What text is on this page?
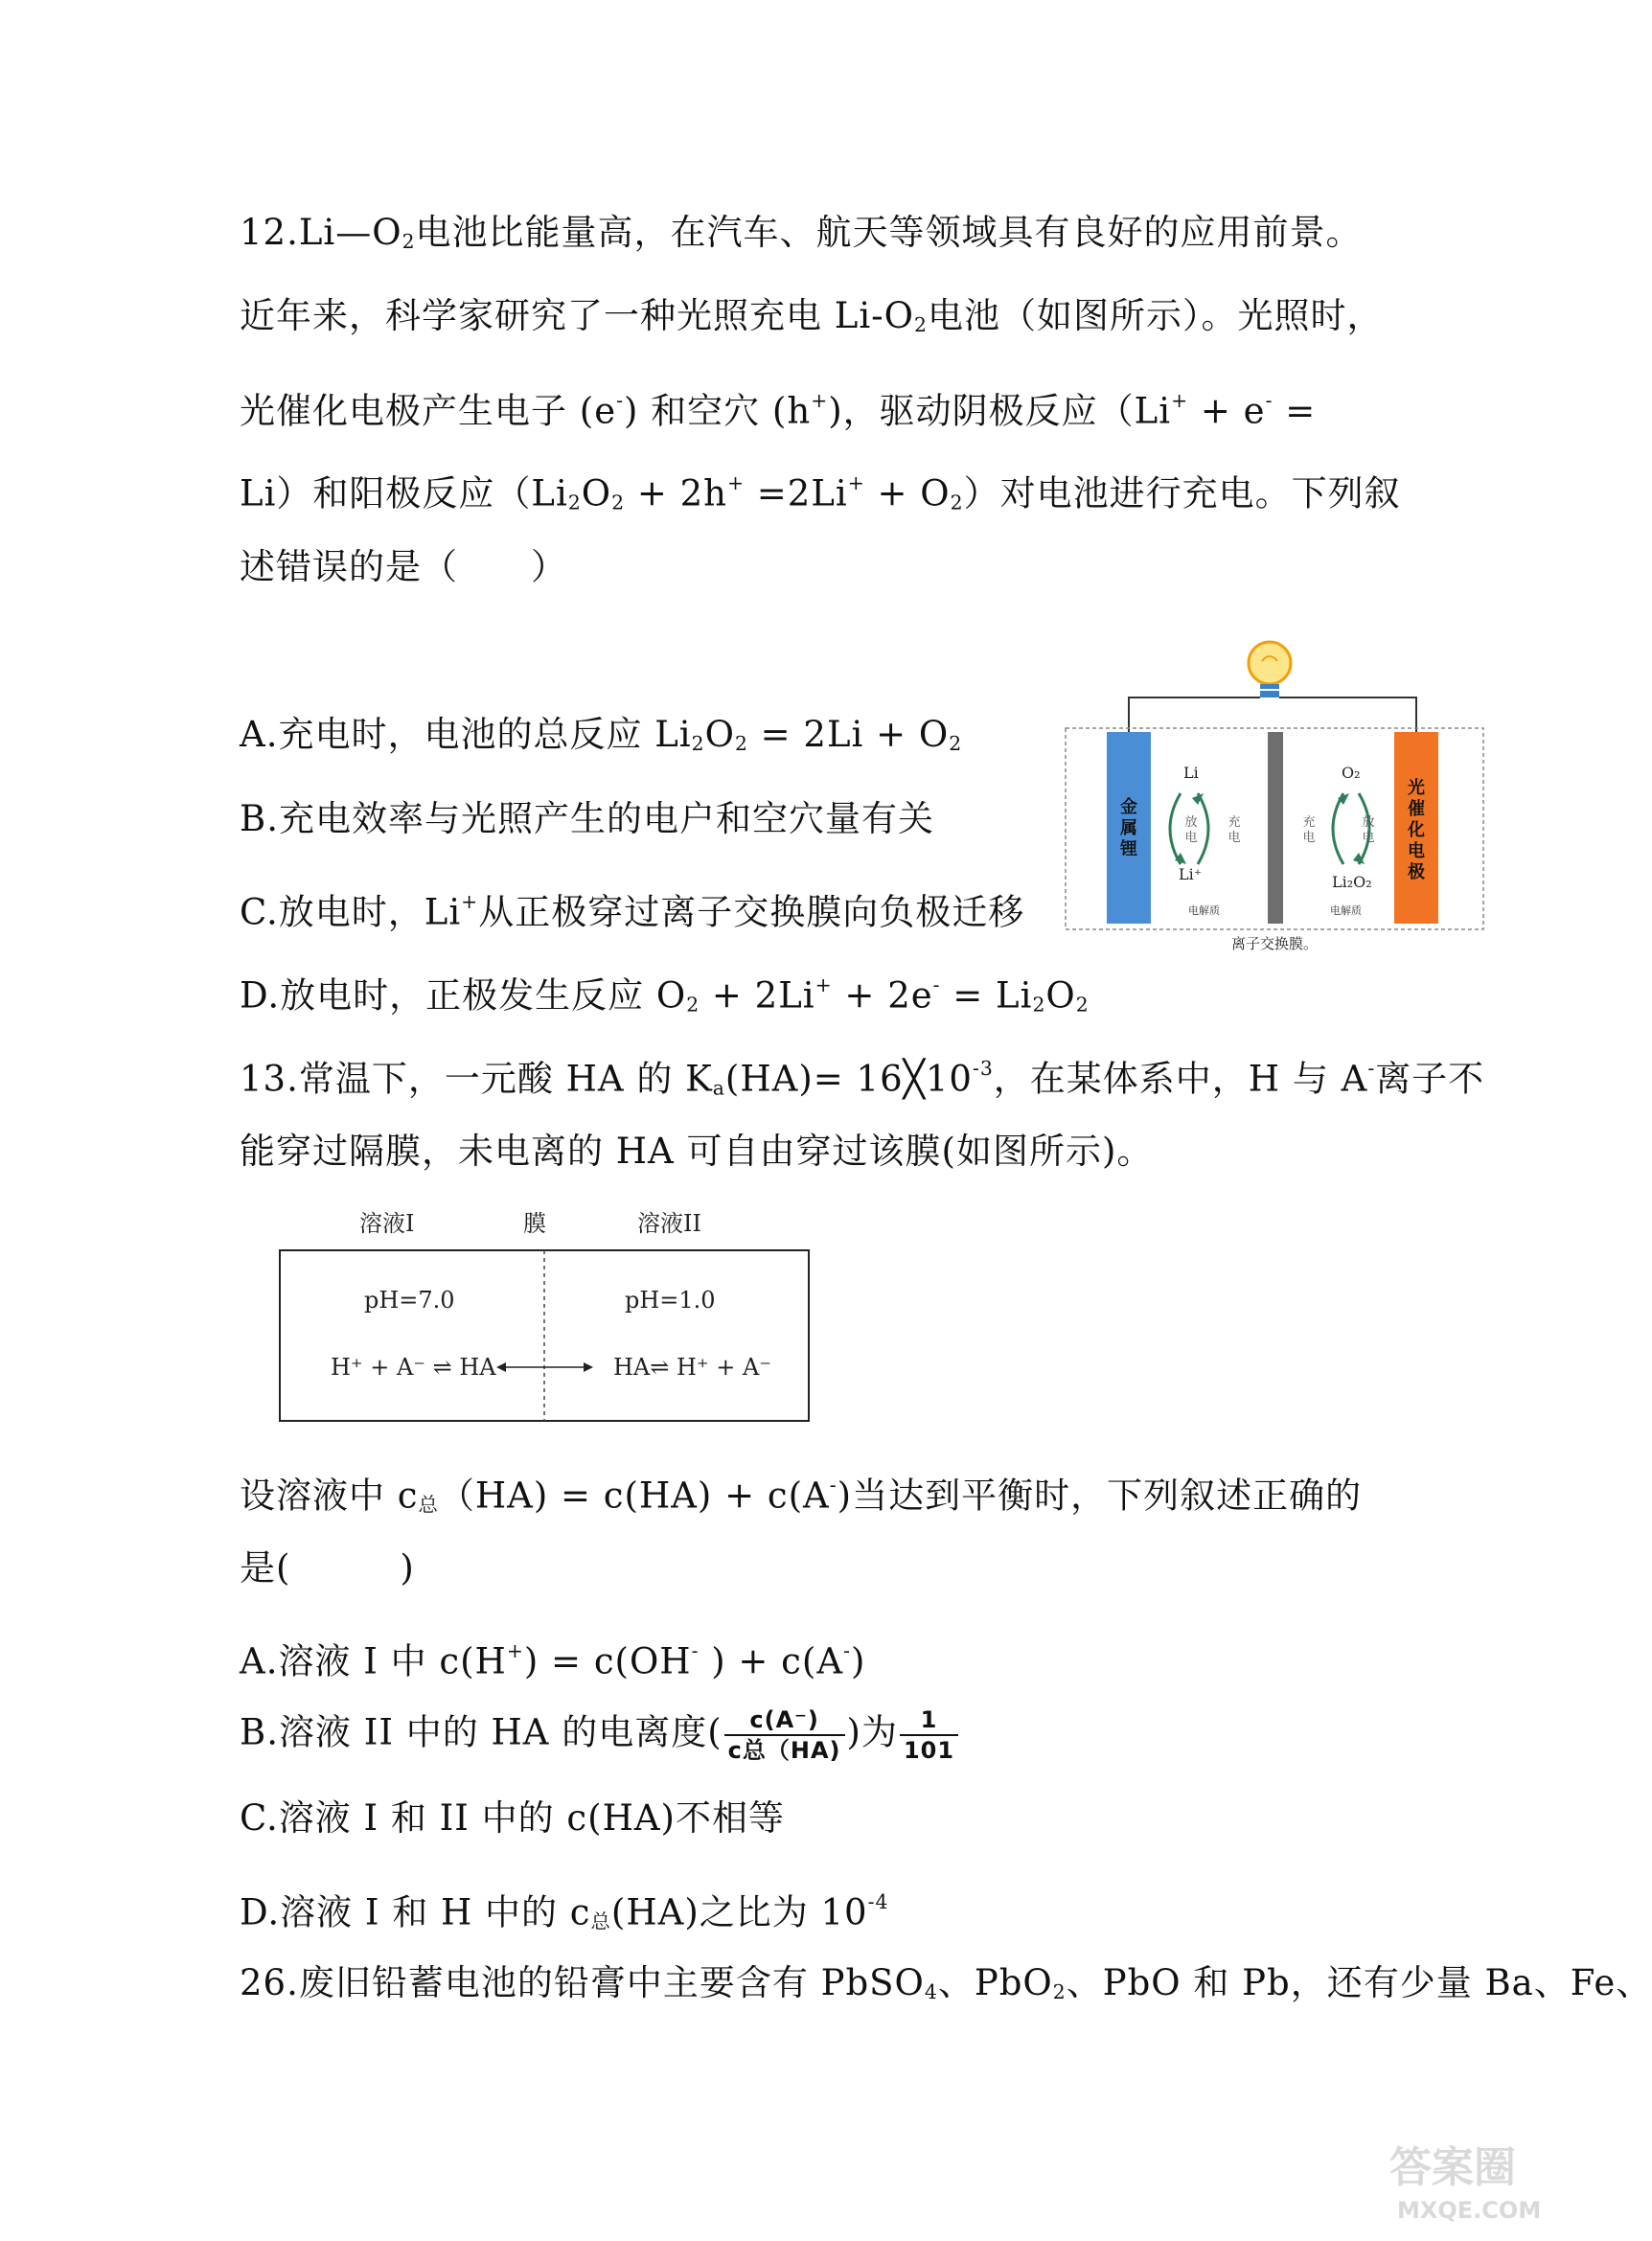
$12.Li—O_2$电池比能量高，在汽车、航天等领域具有良好的应用前景。
近年来，科学家研究了一种光照充电 $Li-O_2$电池（如图所示）。光照时，
光催化电极产生电子 (e-) 和空穴 (h+)，驱动阴极反应（Li+ + e- =
Li）和阳极反应$(Li_2O_2 + 2h^+ =2Li^+ + O_2)$对电池进行充电。下列叙
述错误的是（　　）
A.充电时，电池的总反应 $Li_2O_2 = 2Li + O_2$
B.充电效率与光照产生的电户和空穴量有关
C.放电时，Li+从正极穿过离子交换膜向负极迁移
D.放电时，正极发生反应 $O_2 + 2Li^+ + 2e^- = Li_2O_2$
金属锂
光催化电极
Li
Li⁺
放电
充电
电解质
O₂
Li₂O₂
充电
放电
电解质
离子交换膜。
13.常温下，一元酸 HA 的 $K_a(HA)=$ $16╳10^{-3}$，在某体系中，H 与 A-离子不
能穿过隔膜，未电离的 HA 可自由穿过该膜(如图所示)。
溶液I	膜	溶液II
pH=7.0	pH=1.0
H⁺ + A⁻ ⇌ HA	HA⇌ H⁺ + A⁻
设溶液中 $c_总(HA) = c(HA) + c(A^-)$当达到平衡时，下列叙述正确的
是(　　　)
A.溶液 I 中 c(H+) = c(OH- ) + c(A-)
B.溶液 II 中的 HA 的电离度( $\frac{c(A^-)}{\text{c总（HA)}}$ )为 $\frac{1}{101}$
C.溶液 I 和 II 中的 c(HA)不相等
D.溶液 I 和 H 中的 $c_总(HA)$之比为 $10^{-4}$
26.废旧铅蓄电池的铅膏中主要含有 PbSO$_4$、PbO$_2$、PbO 和 Pb，还有少量 Ba、Fe、
答案圈
MXQE.COM
